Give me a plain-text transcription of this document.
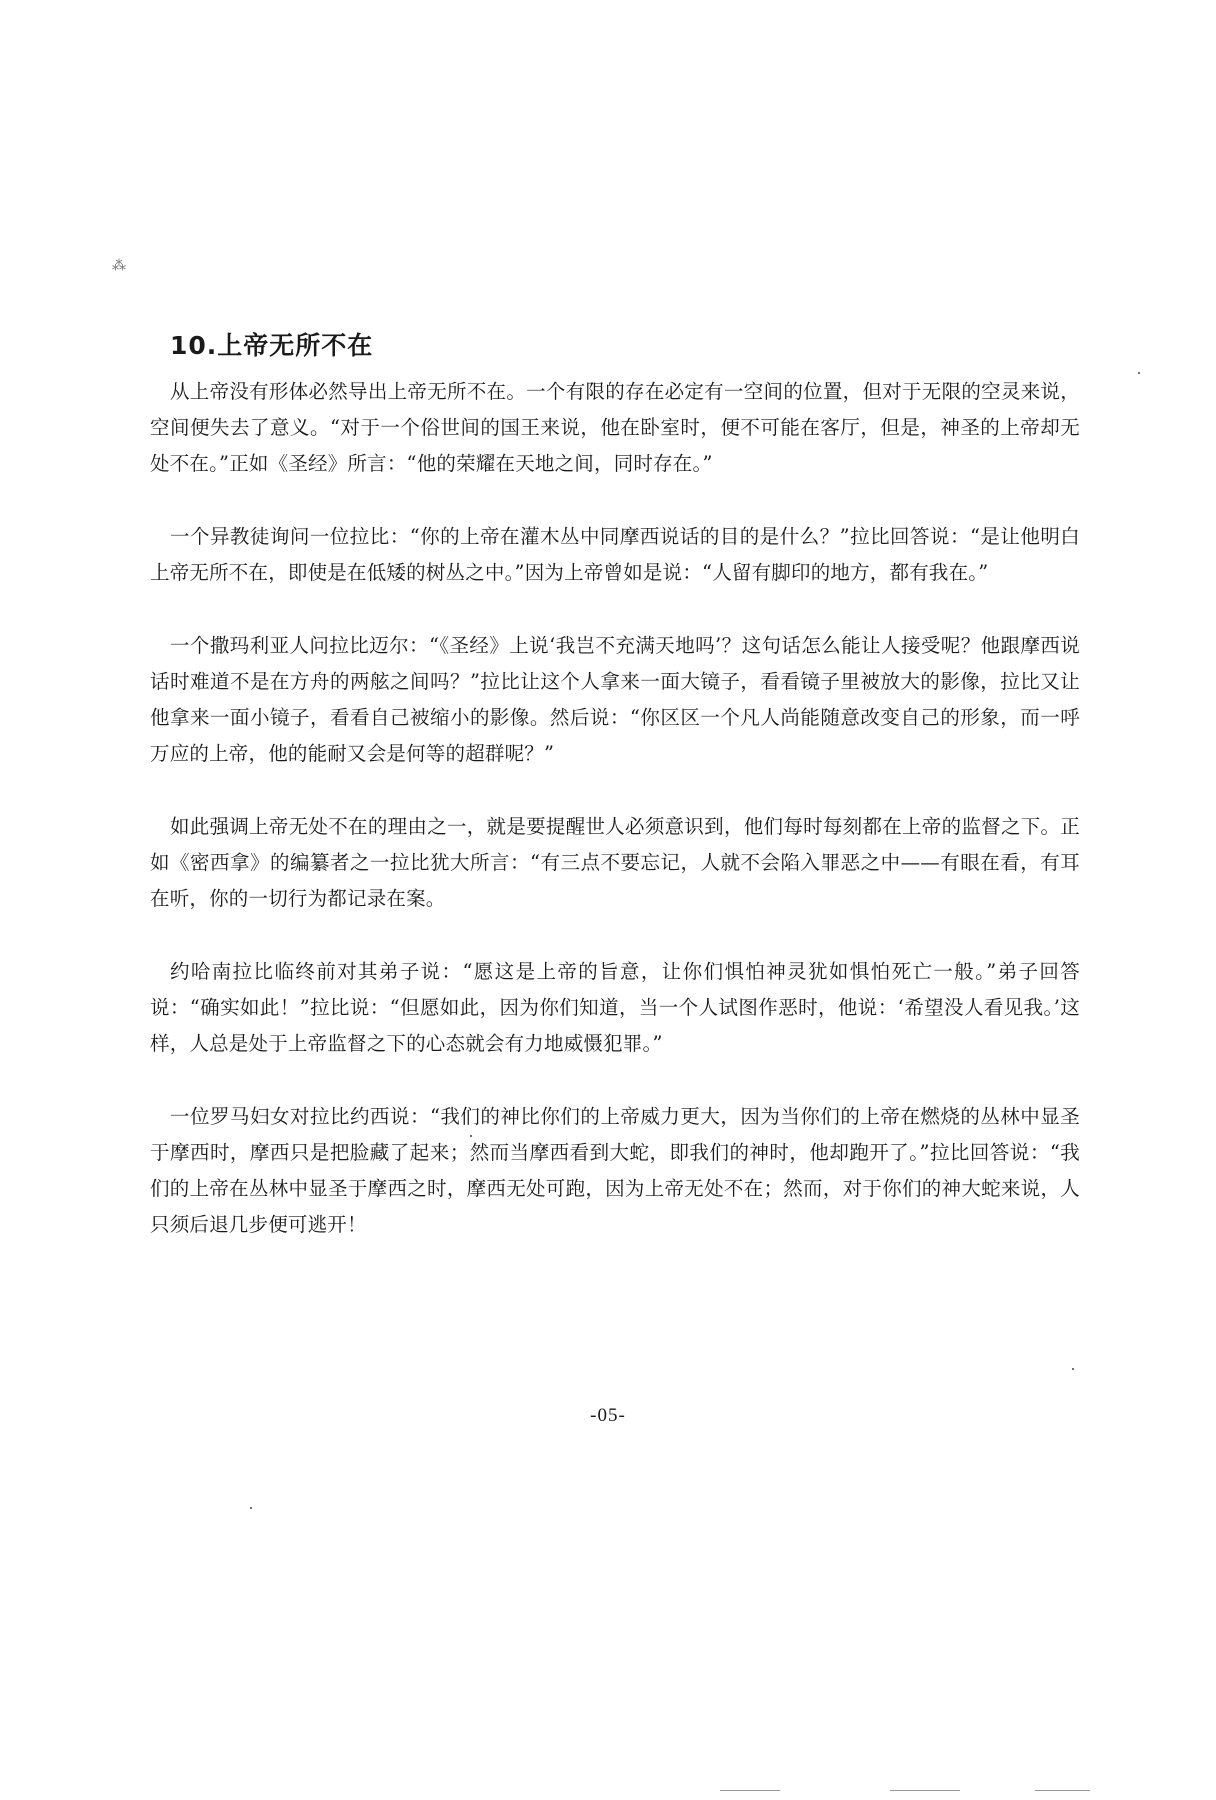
⁂
10.上帝无所不在

从上帝没有形体必然导出上帝无所不在。一个有限的存在必定有一空间的位置，但对于无限的空灵来说，空间便失去了意义。“对于一个俗世间的国王来说，他在卧室时，便不可能在客厅，但是，神圣的上帝却无处不在。”正如《圣经》所言：“他的荣耀在天地之间，同时存在。”

一个异教徒询问一位拉比：“你的上帝在灌木丛中同摩西说话的目的是什么？”拉比回答说：“是让他明白上帝无所不在，即使是在低矮的树丛之中。”因为上帝曾如是说：“人留有脚印的地方，都有我在。”

一个撒玛利亚人问拉比迈尔：“《圣经》上说‘我岂不充满天地吗’？这句话怎么能让人接受呢？他跟摩西说话时难道不是在方舟的两舷之间吗？”拉比让这个人拿来一面大镜子，看看镜子里被放大的影像，拉比又让他拿来一面小镜子，看看自己被缩小的影像。然后说：“你区区一个凡人尚能随意改变自己的形象，而一呼万应的上帝，他的能耐又会是何等的超群呢？”

如此强调上帝无处不在的理由之一，就是要提醒世人必须意识到，他们每时每刻都在上帝的监督之下。正如《密西拿》的编纂者之一拉比犹大所言：“有三点不要忘记，人就不会陷入罪恶之中——有眼在看，有耳在听，你的一切行为都记录在案。

约哈南拉比临终前对其弟子说：“愿这是上帝的旨意，让你们惧怕神灵犹如惧怕死亡一般。”弟子回答说：“确实如此！”拉比说：“但愿如此，因为你们知道，当一个人试图作恶时，他说：‘希望没人看见我。’这样，人总是处于上帝监督之下的心态就会有力地威慑犯罪。”

一位罗马妇女对拉比约西说：“我们的神比你们的上帝威力更大，因为当你们的上帝在燃烧的丛林中显圣于摩西时，摩西只是把脸藏了起来；然而当摩西看到大蛇，即我们的神时，他却跑开了。”拉比回答说：“我们的上帝在丛林中显圣于摩西之时，摩西无处可跑，因为上帝无处不在；然而，对于你们的神大蛇来说，人只须后退几步便可逃开！

-05-
